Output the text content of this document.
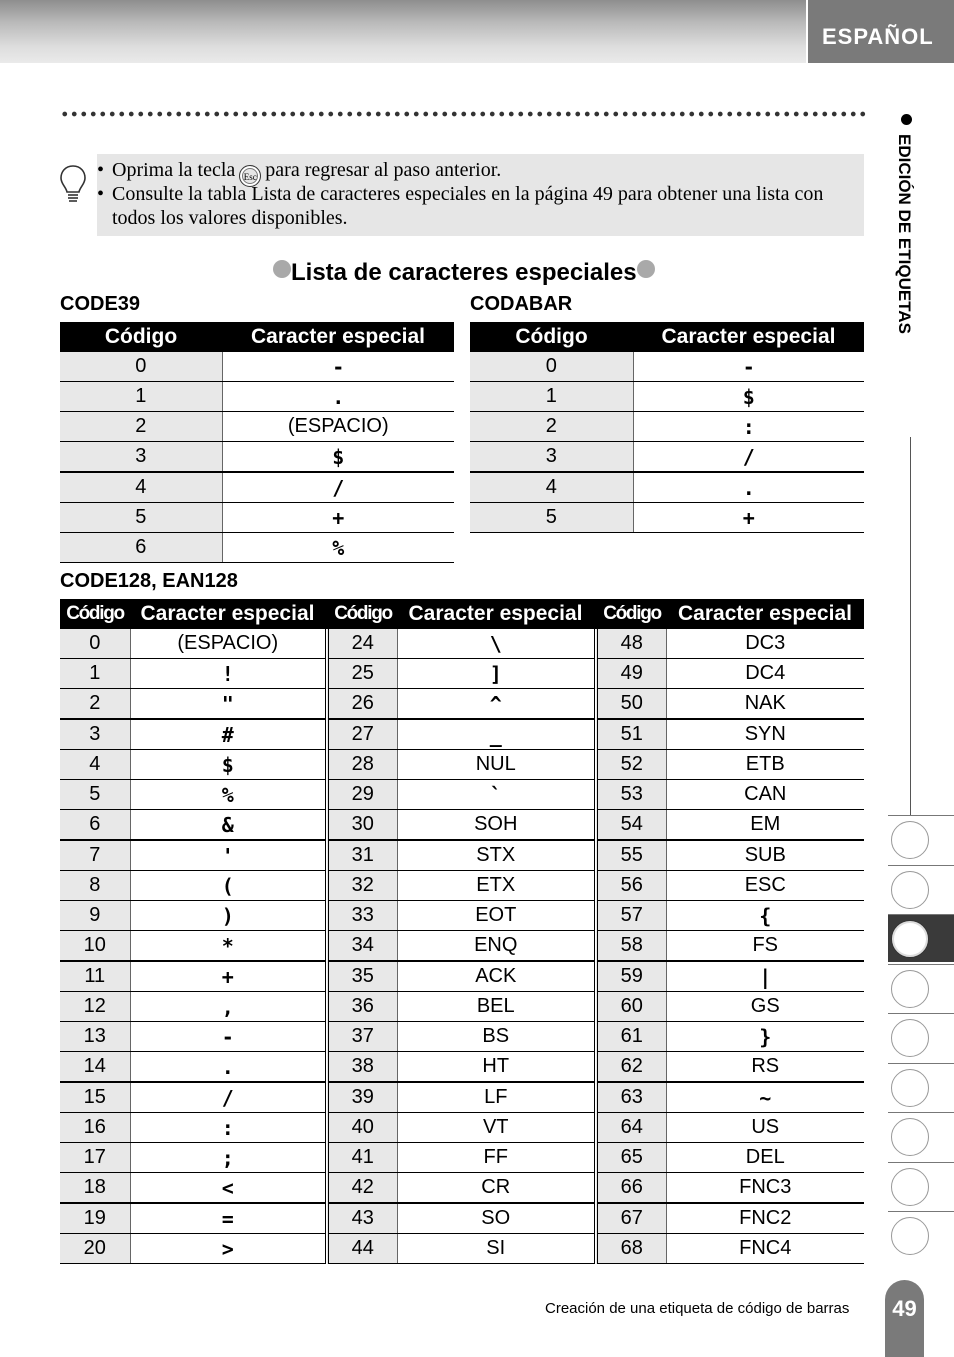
ESPAÑOL
• Oprima la tecla Esc para regresar al paso anterior.
• Consulte la tabla Lista de caracteres especiales en la página 49 para obtener una lista con todos los valores disponibles.
Lista de caracteres especiales
CODE39	CODABAR
Código	Caracter especial
0	-
1	.
2	(ESPACIO)
3	$
4	/
5	+
6	%
Código	Caracter especial
0	-
1	$
2	:
3	/
4	.
5	+
CODE128, EAN128
Código	Caracter especial	Código	Caracter especial	Código	Caracter especial
0	(ESPACIO)	24	\	48	DC3
1	!	25	]	49	DC4
2	"	26	^	50	NAK
3	#	27	_	51	SYN
4	$	28	NUL	52	ETB
5	%	29	`	53	CAN
6	&	30	SOH	54	EM
7	'	31	STX	55	SUB
8	(	32	ETX	56	ESC
9	)	33	EOT	57	{
10	*	34	ENQ	58	FS
11	+	35	ACK	59	|
12	,	36	BEL	60	GS
13	-	37	BS	61	}
14	.	38	HT	62	RS
15	/	39	LF	63	~
16	:	40	VT	64	US
17	;	41	FF	65	DEL
18	<	42	CR	66	FNC3
19	=	43	SO	67	FNC2
20	>	44	SI	68	FNC4
EDICIÓN DE ETIQUETAS
Creación de una etiqueta de código de barras	49
